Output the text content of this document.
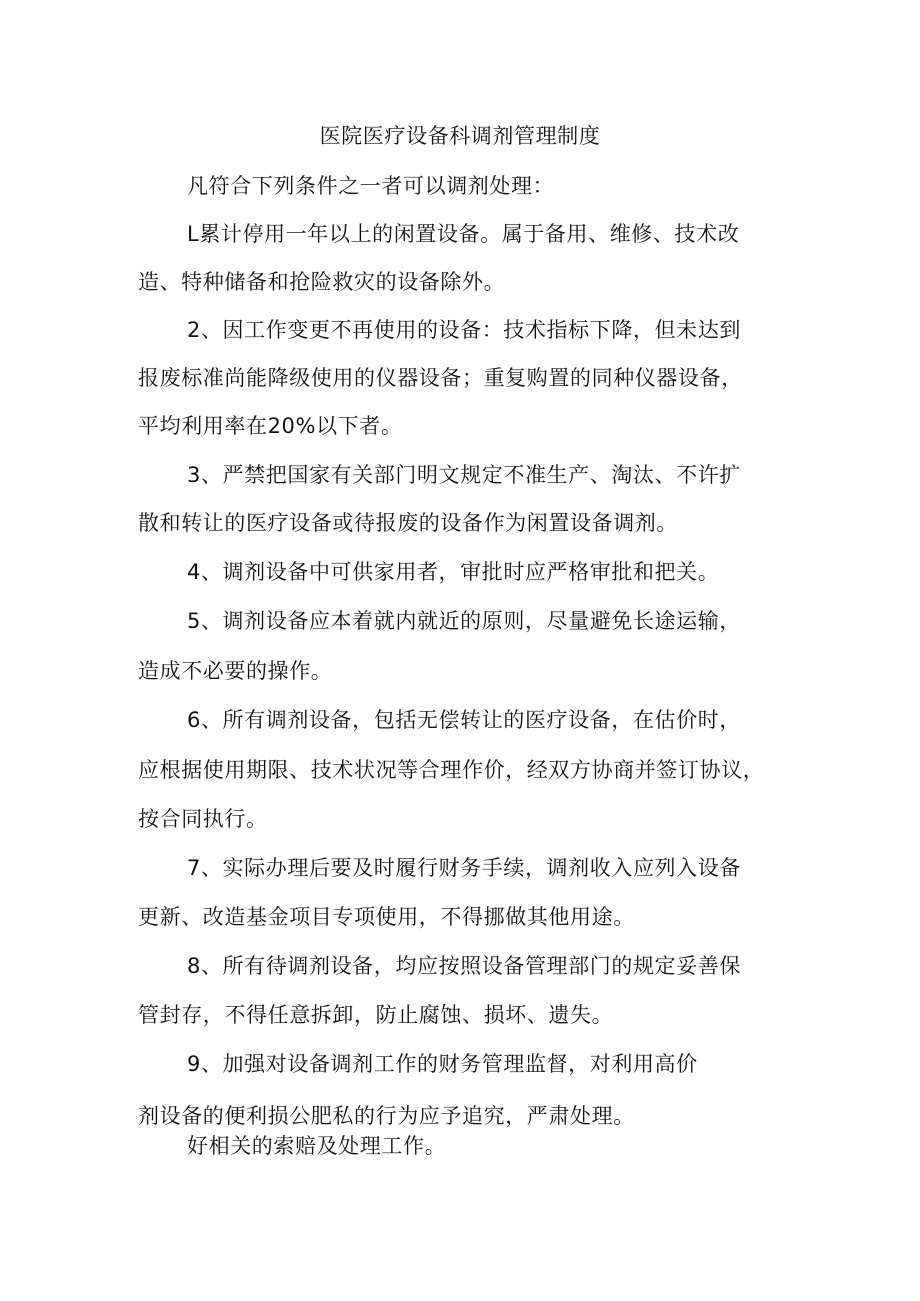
医院医疗设备科调剂管理制度
凡符合下列条件之一者可以调剂处理：
L累计停用一年以上的闲置设备。属于备用、维修、技术改
造、特种储备和抢险救灾的设备除外。
2、因工作变更不再使用的设备：技术指标下降，但未达到
报废标准尚能降级使用的仪器设备；重复购置的同种仪器设备，
平均利用率在20%以下者。
3、严禁把国家有关部门明文规定不准生产、淘汰、不许扩
散和转让的医疗设备或待报废的设备作为闲置设备调剂。
4、调剂设备中可供家用者，审批时应严格审批和把关。
5、调剂设备应本着就内就近的原则，尽量避免长途运输，
造成不必要的操作。
6、所有调剂设备，包括无偿转让的医疗设备，在估价时，
应根据使用期限、技术状况等合理作价，经双方协商并签订协议，
按合同执行。
7、实际办理后要及时履行财务手续，调剂收入应列入设备
更新、改造基金项目专项使用，不得挪做其他用途。
8、所有待调剂设备，均应按照设备管理部门的规定妥善保
管封存，不得任意拆卸，防止腐蚀、损坏、遗失。
9、加强对设备调剂工作的财务管理监督，对利用高价
剂设备的便利损公肥私的行为应予追究，严肃处理。
好相关的索赔及处理工作。
